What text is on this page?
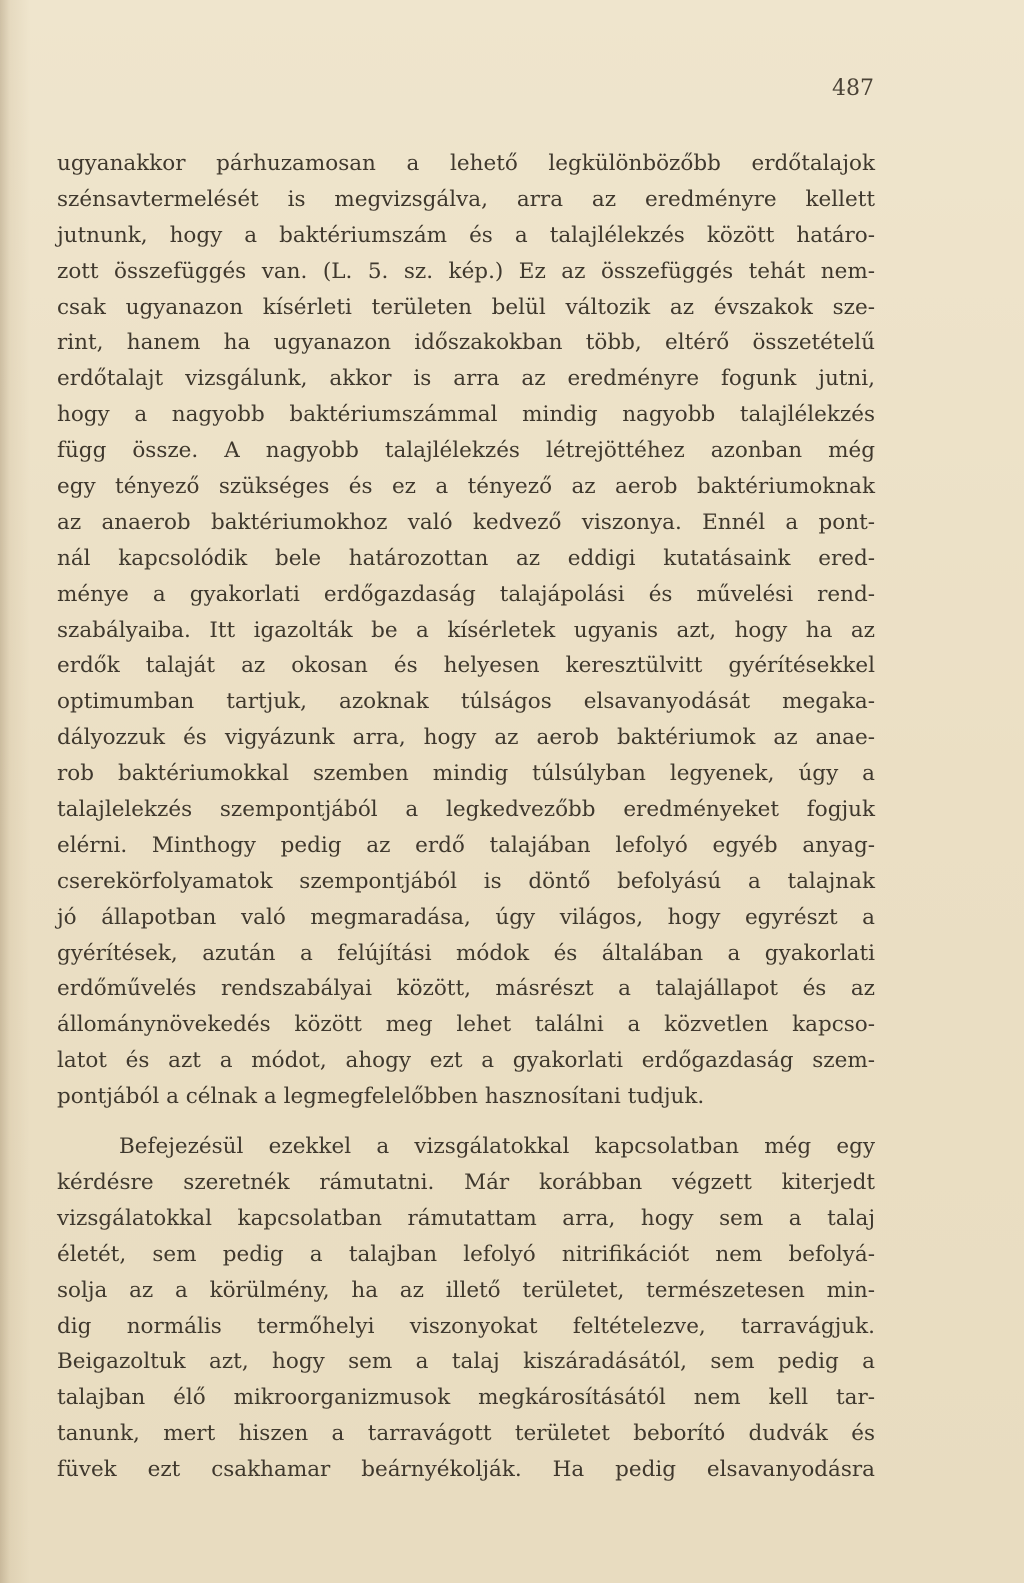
487
ugyanakkor párhuzamosan a lehető legkülönbözőbb erdőtalajok
szénsavtermelését is megvizsgálva, arra az eredményre kellett
jutnunk, hogy a baktériumszám és a talajlélekzés között határo-
zott összefüggés van. (L. 5. sz. kép.) Ez az összefüggés tehát nem-
csak ugyanazon kísérleti területen belül változik az évszakok sze-
rint, hanem ha ugyanazon időszakokban több, eltérő összetételű
erdőtalajt vizsgálunk, akkor is arra az eredményre fogunk jutni,
hogy a nagyobb baktériumszámmal mindig nagyobb talajlélekzés
függ össze. A nagyobb talajlélekzés létrejöttéhez azonban még
egy tényező szükséges és ez a tényező az aerob baktériumoknak
az anaerob baktériumokhoz való kedvező viszonya. Ennél a pont-
nál kapcsolódik bele határozottan az eddigi kutatásaink ered-
ménye a gyakorlati erdőgazdaság talajápolási és művelési rend-
szabályaiba. Itt igazolták be a kísérletek ugyanis azt, hogy ha az
erdők talaját az okosan és helyesen keresztülvitt gyérítésekkel
optimumban tartjuk, azoknak túlságos elsavanyodását megaka-
dályozzuk és vigyázunk arra, hogy az aerob baktériumok az anae-
rob baktériumokkal szemben mindig túlsúlyban legyenek, úgy a
talajlelekzés szempontjából a legkedvezőbb eredményeket fogjuk
elérni. Minthogy pedig az erdő talajában lefolyó egyéb anyag-
cserekörfolyamatok szempontjából is döntő befolyású a talajnak
jó állapotban való megmaradása, úgy világos, hogy egyrészt a
gyérítések, azután a felújítási módok és általában a gyakorlati
erdőművelés rendszabályai között, másrészt a talajállapot és az
állománynövekedés között meg lehet találni a közvetlen kapcso-
latot és azt a módot, ahogy ezt a gyakorlati erdőgazdaság szem-
pontjából a célnak a legmegfelelőbben hasznosítani tudjuk.
Befejezésül ezekkel a vizsgálatokkal kapcsolatban még egy
kérdésre szeretnék rámutatni. Már korábban végzett kiterjedt
vizsgálatokkal kapcsolatban rámutattam arra, hogy sem a talaj
életét, sem pedig a talajban lefolyó nitrifikációt nem befolyá-
solja az a körülmény, ha az illető területet, természetesen min-
dig normális termőhelyi viszonyokat feltételezve, tarravágjuk.
Beigazoltuk azt, hogy sem a talaj kiszáradásától, sem pedig a
talajban élő mikroorganizmusok megkárosításától nem kell tar-
tanunk, mert hiszen a tarravágott területet beborító dudvák és
füvek ezt csakhamar beárnyékolják. Ha pedig elsavanyodásra
